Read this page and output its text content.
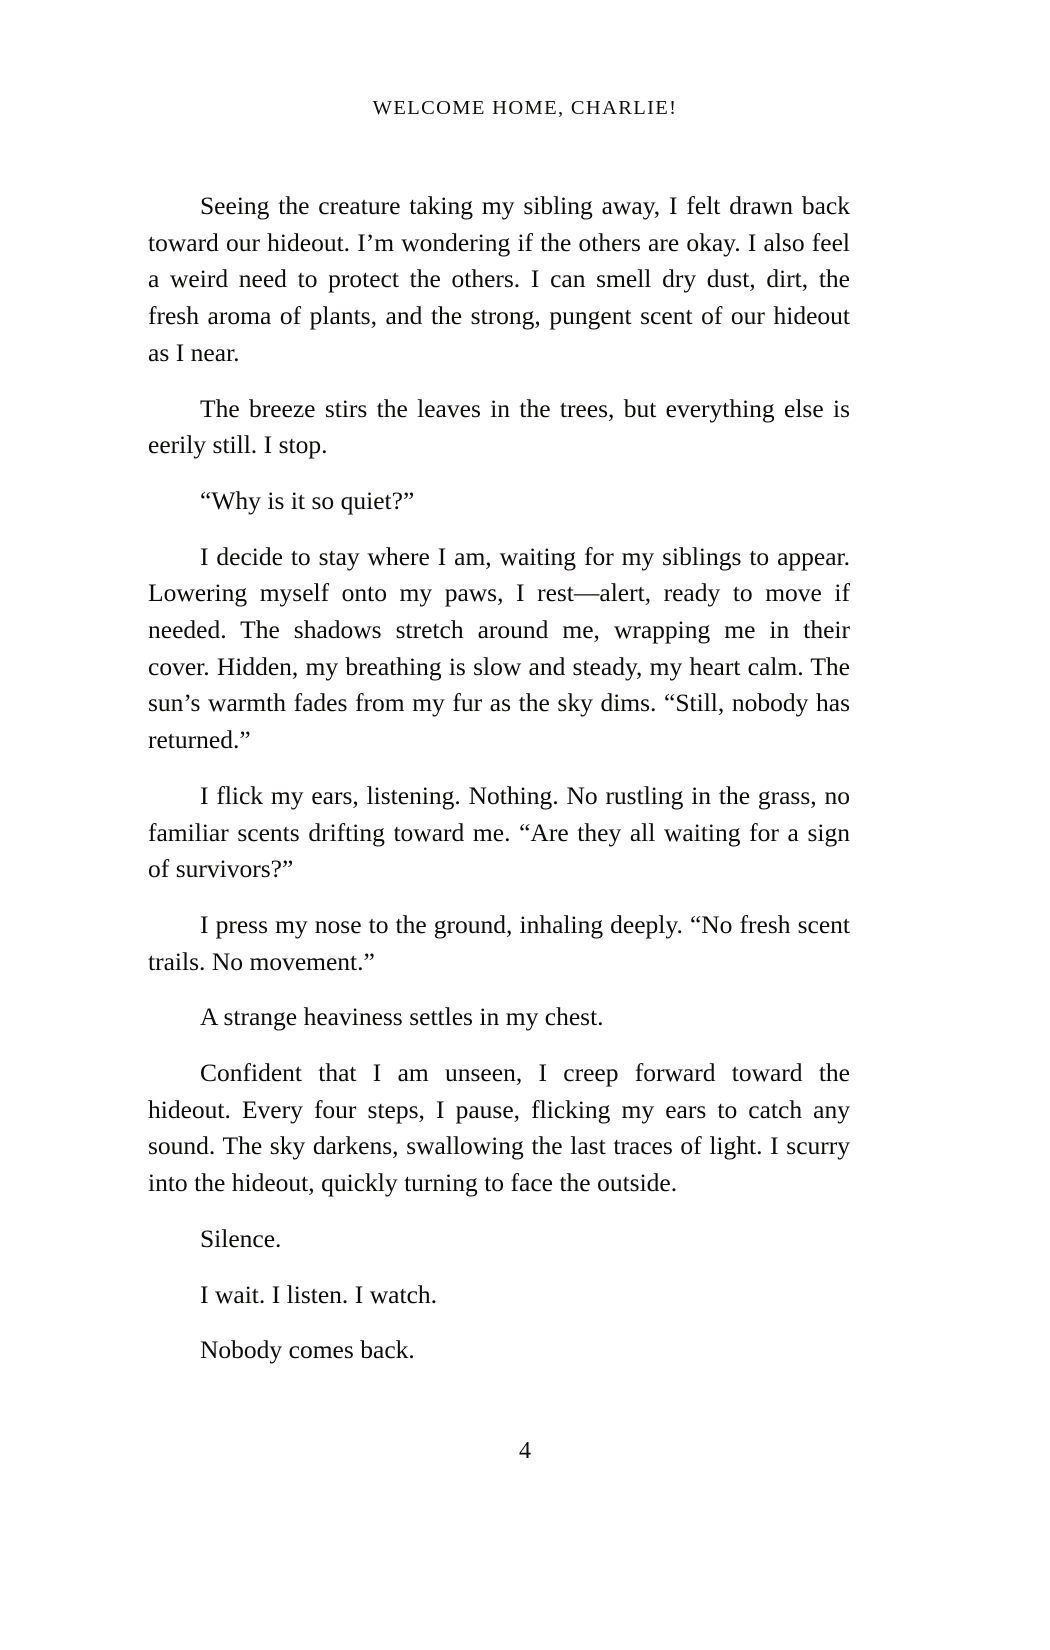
WELCOME HOME, CHARLIE!

Seeing the creature taking my sibling away, I felt drawn back toward our hideout. I’m wondering if the others are okay. I also feel a weird need to protect the others. I can smell dry dust, dirt, the fresh aroma of plants, and the strong, pungent scent of our hideout as I near.

The breeze stirs the leaves in the trees, but everything else is eerily still. I stop.

“Why is it so quiet?”

I decide to stay where I am, waiting for my siblings to appear. Lowering myself onto my paws, I rest—alert, ready to move if needed. The shadows stretch around me, wrapping me in their cover. Hidden, my breathing is slow and steady, my heart calm. The sun’s warmth fades from my fur as the sky dims. “Still, nobody has returned.”

I flick my ears, listening. Nothing. No rustling in the grass, no familiar scents drifting toward me. “Are they all waiting for a sign of survivors?”

I press my nose to the ground, inhaling deeply. “No fresh scent trails. No movement.”

A strange heaviness settles in my chest.

Confident that I am unseen, I creep forward toward the hideout. Every four steps, I pause, flicking my ears to catch any sound. The sky darkens, swallowing the last traces of light. I scurry into the hideout, quickly turning to face the outside.

Silence.

I wait. I listen. I watch.

Nobody comes back.

4
